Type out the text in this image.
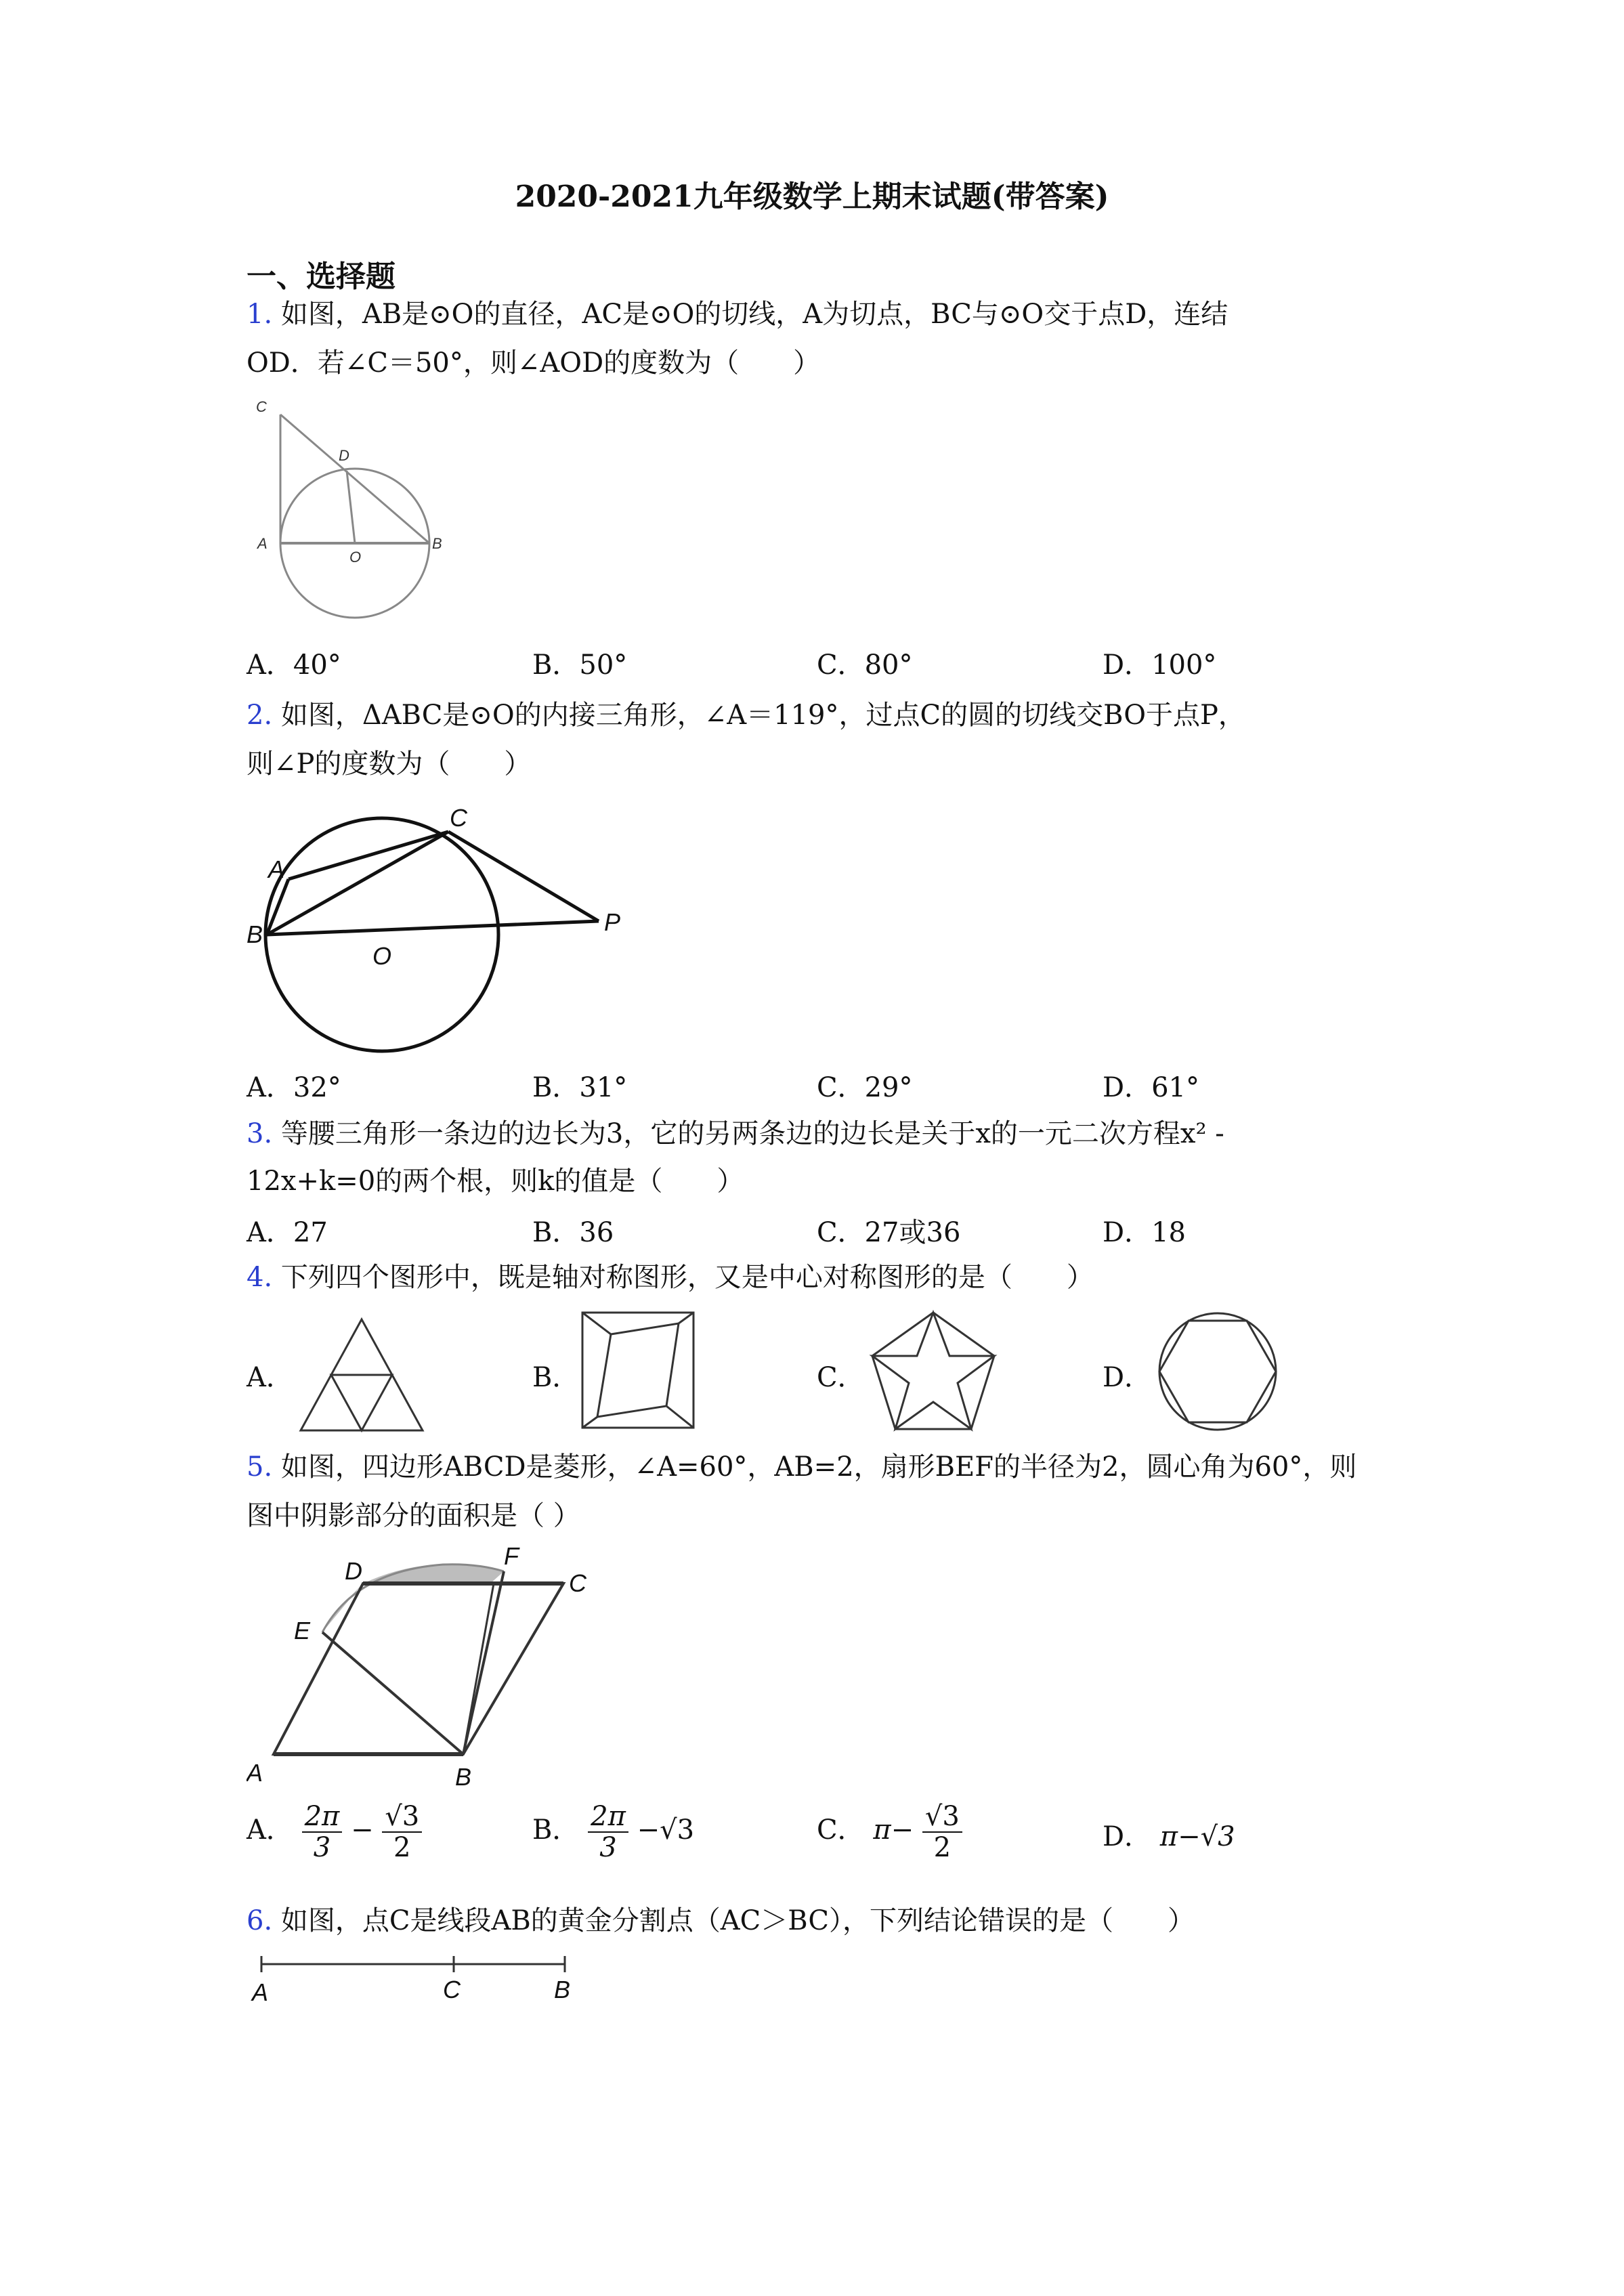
2020-2021九年级数学上期末试题(带答案)
一、选择题
1. 如图，AB是⊙O的直径，AC是⊙O的切线，A为切点，BC与⊙O交于点D，连结
OD．若∠C＝50°，则∠AOD的度数为（　　）
C
D
A
O
B
A．40°	B．50°	C．80°	D．100°
2. 如图，ΔABC是⊙O的内接三角形，∠A＝119°，过点C的圆的切线交BO于点P，
则∠P的度数为（　　）
C
A
B
O
P
A．32°	B．31°	C．29°	D．61°
3. 等腰三角形一条边的边长为3，它的另两条边的边长是关于x的一元二次方程x² -
12x+k=0的两个根，则k的值是（　　）
A．27	B．36	C．27或36	D．18
4. 下列四个图形中，既是轴对称图形，又是中心对称图形的是（　　）
A．	B．	C．	D．
5. 如图，四边形ABCD是菱形，∠A=60°，AB=2，扇形BEF的半径为2，圆心角为60°，则
图中阴影部分的面积是（ ）
D
F
C
E
A	B
A． $\frac{2\pi}{3} - \frac{√3}{2}$	B． $\frac{2\pi}{3} -√3$	C． $\pi- \frac{√3}{2}$	D． π−√3
6. 如图，点C是线段AB的黄金分割点（AC＞BC），下列结论错误的是（　　）
A	C	B
